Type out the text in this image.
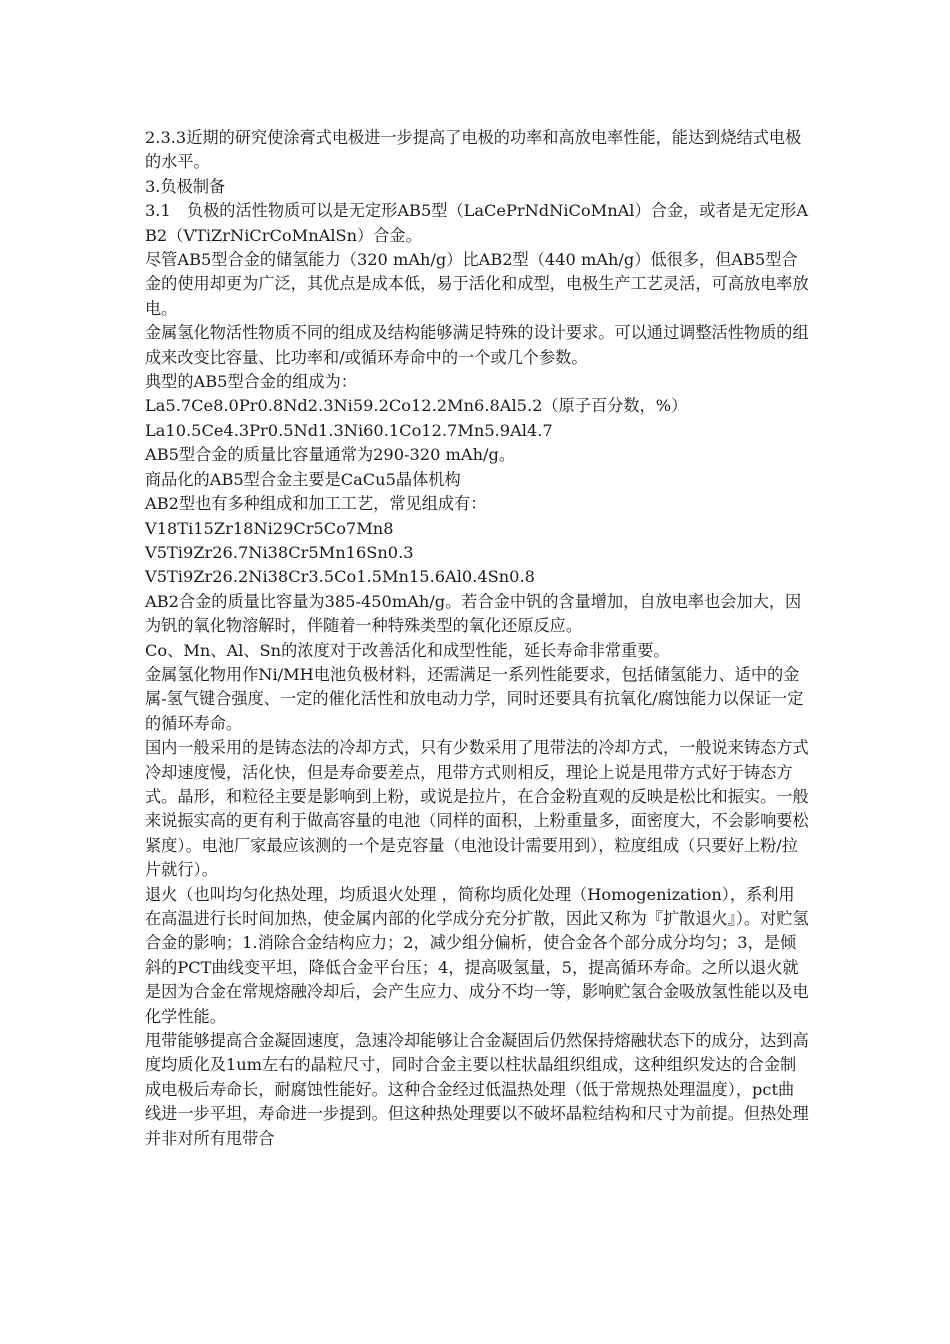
2.3.3近期的研究使涂膏式电极进一步提高了电极的功率和高放电率性能，能达到烧结式电极的水平。

3.负极制备

3.1　负极的活性物质可以是无定形AB5型（LaCePrNdNiCoMnAl）合金，或者是无定形AB2（VTiZrNiCrCoMnAlSn）合金。

尽管AB5型合金的储氢能力（320 mAh/g）比AB2型（440 mAh/g）低很多，但AB5型合金的使用却更为广泛，其优点是成本低，易于活化和成型，电极生产工艺灵活，可高放电率放电。

金属氢化物活性物质不同的组成及结构能够满足特殊的设计要求。可以通过调整活性物质的组成来改变比容量、比功率和/或循环寿命中的一个或几个参数。

典型的AB5型合金的组成为：

La5.7Ce8.0Pr0.8Nd2.3Ni59.2Co12.2Mn6.8Al5.2（原子百分数，%）

La10.5Ce4.3Pr0.5Nd1.3Ni60.1Co12.7Mn5.9Al4.7

AB5型合金的质量比容量通常为290-320 mAh/g。

商品化的AB5型合金主要是CaCu5晶体机构

AB2型也有多种组成和加工工艺，常见组成有：

V18Ti15Zr18Ni29Cr5Co7Mn8

V5Ti9Zr26.7Ni38Cr5Mn16Sn0.3

V5Ti9Zr26.2Ni38Cr3.5Co1.5Mn15.6Al0.4Sn0.8

AB2合金的质量比容量为385-450mAh/g。若合金中钒的含量增加，自放电率也会加大，因为钒的氧化物溶解时，伴随着一种特殊类型的氧化还原反应。

Co、Mn、Al、Sn的浓度对于改善活化和成型性能，延长寿命非常重要。

金属氢化物用作Ni/MH电池负极材料，还需满足一系列性能要求，包括储氢能力、适中的金属-氢气键合强度、一定的催化活性和放电动力学，同时还要具有抗氧化/腐蚀能力以保证一定的循环寿命。

国内一般采用的是铸态法的冷却方式，只有少数采用了甩带法的冷却方式，一般说来铸态方式冷却速度慢，活化快，但是寿命要差点，甩带方式则相反，理论上说是甩带方式好于铸态方式。晶形，和粒径主要是影响到上粉，或说是拉片，在合金粉直观的反映是松比和振实。一般来说振实高的更有利于做高容量的电池（同样的面积，上粉重量多，面密度大，不会影响要松紧度）。电池厂家最应该测的一个是克容量（电池设计需要用到），粒度组成（只要好上粉/拉片就行）。

退火（也叫均匀化热处理，均质退火处理 ，简称均质化处理（Homogenization），系利用在高温进行长时间加热，使金属内部的化学成分充分扩散，因此又称为『扩散退火』）。对贮氢合金的影响；1.消除合金结构应力；2，减少组分偏析，使合金各个部分成分均匀；3，是倾斜的PCT曲线变平坦，降低合金平台压；4，提高吸氢量，5，提高循环寿命。之所以退火就是因为合金在常规熔融冷却后，会产生应力、成分不均一等，影响贮氢合金吸放氢性能以及电化学性能。

甩带能够提高合金凝固速度，急速冷却能够让合金凝固后仍然保持熔融状态下的成分，达到高度均质化及1um左右的晶粒尺寸，同时合金主要以柱状晶组织组成，这种组织发达的合金制成电极后寿命长，耐腐蚀性能好。这种合金经过低温热处理（低于常规热处理温度），pct曲线进一步平坦，寿命进一步提到。但这种热处理要以不破坏晶粒结构和尺寸为前提。但热处理并非对所有甩带合
